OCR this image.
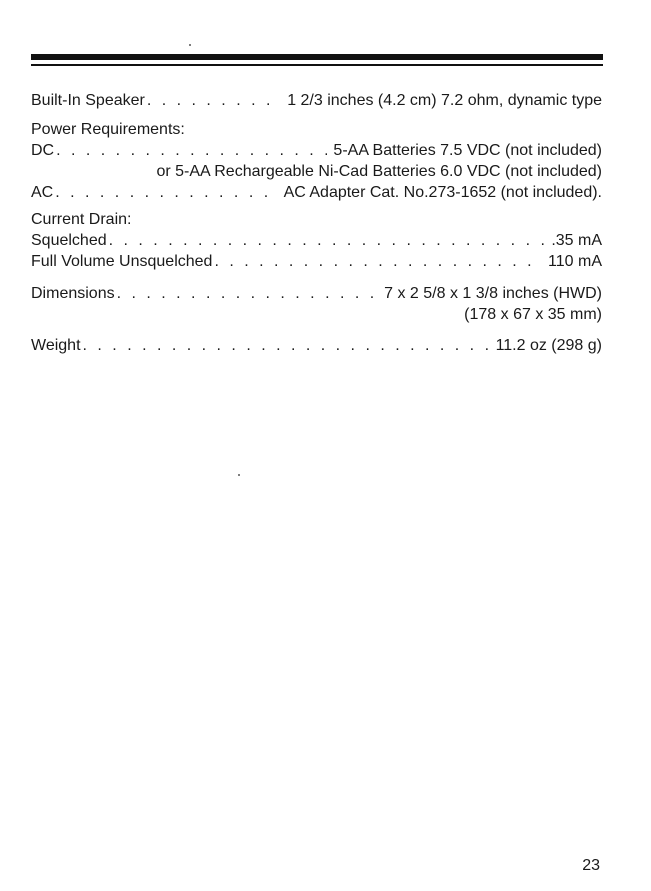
Built-In Speaker . . .	1 2/3 inches (4.2 cm) 7.2 ohm, dynamic type
Power Requirements:
DC . . .	5-AA Batteries 7.5 VDC (not included)
or 5-AA Rechargeable Ni-Cad Batteries 6.0 VDC (not included)
AC . . .	AC Adapter Cat. No.273-1652 (not included).
Current Drain:
Squelched . . .	.35 mA
Full Volume Unsquelched . . .	110 mA
Dimensions . . .	7 x 2 5/8 x 1 3/8 inches (HWD)
(178 x 67 x 35 mm)
Weight . . .	11.2 oz (298 g)
23
